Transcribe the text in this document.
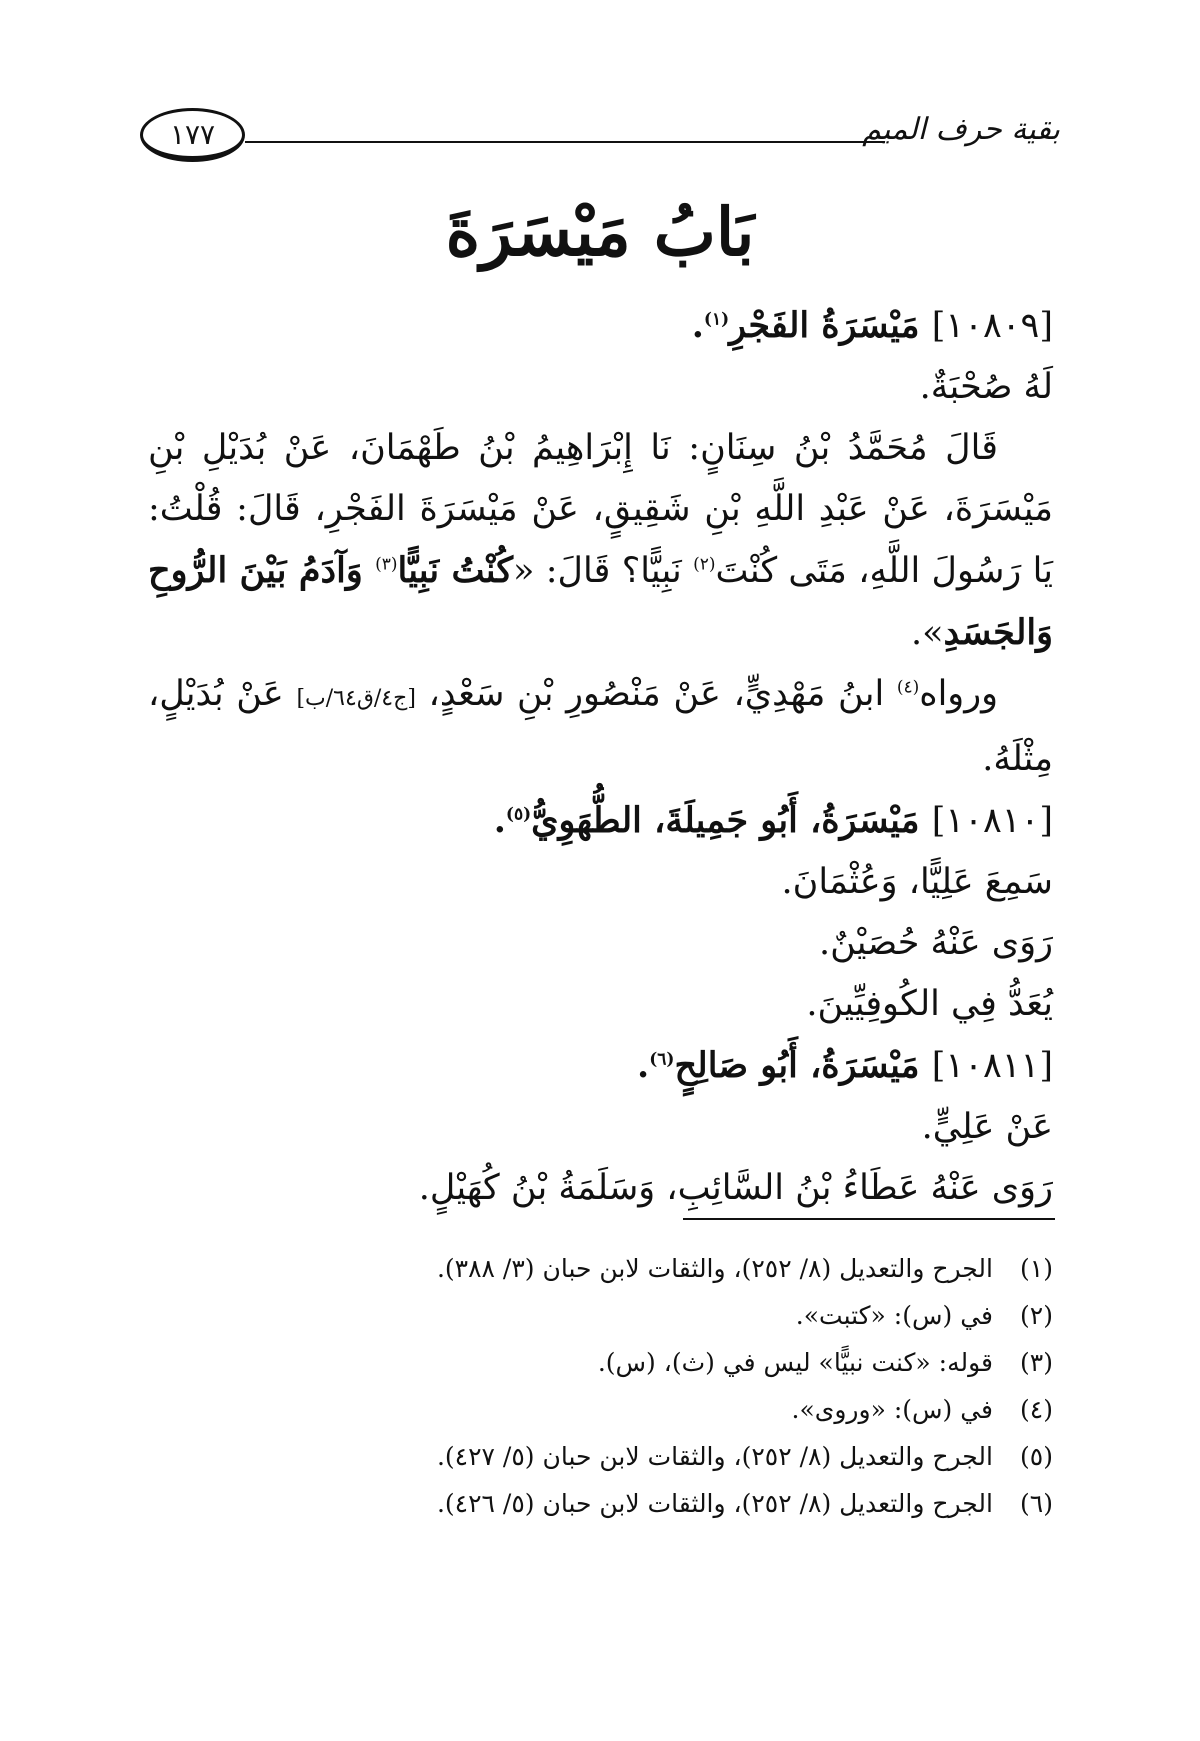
١٧٧	بقية حرف الميم
بَابُ مَيْسَرَةَ

[١٠٨٠٩] مَيْسَرَةُ الفَجْرِ$^{(١)}$.

لَهُ صُحْبَةٌ.

قَالَ مُحَمَّدُ بْنُ سِنَانٍ: نَا إِبْرَاهِيمُ بْنُ طَهْمَانَ، عَنْ بُدَيْلِ بْنِ مَيْسَرَةَ، عَنْ عَبْدِ اللَّهِ بْنِ شَقِيقٍ، عَنْ مَيْسَرَةَ الفَجْرِ، قَالَ: قُلْتُ: يَا رَسُولَ اللَّهِ، مَتَى كُنْتَ$^{(٢)}$ نَبِيًّا؟ قَالَ: «كُنْتُ نَبِيًّا$^{(٣)}$ وَآدَمُ بَيْنَ الرُّوحِ وَالجَسَدِ».

ورواه$^{(٤)}$ ابنُ مَهْدِيٍّ، عَنْ مَنْصُورِ بْنِ سَعْدٍ، [ج٤/ق٦٤/ب] عَنْ بُدَيْلٍ، مِثْلَهُ.

[١٠٨١٠] مَيْسَرَةُ، أَبُو جَمِيلَةَ، الطُّهَوِيُّ$^{(٥)}$.

سَمِعَ عَلِيًّا، وَعُثْمَانَ.

رَوَى عَنْهُ حُصَيْنٌ.

يُعَدُّ فِي الكُوفِيِّينَ.

[١٠٨١١] مَيْسَرَةُ، أَبُو صَالِحٍ$^{(٦)}$.

عَنْ عَلِيٍّ.

رَوَى عَنْهُ عَطَاءُ بْنُ السَّائِبِ، وَسَلَمَةُ بْنُ كُهَيْلٍ.

(١)
الجرح والتعديل (٨/ ٢٥٢)، والثقات لابن حبان (٣/ ٣٨٨).
(٢)
في (س): «كتبت».
(٣)
قوله: «كنت نبيًّا» ليس في (ث)، (س).
(٤)
في (س): «وروى».
(٥)
الجرح والتعديل (٨/ ٢٥٢)، والثقات لابن حبان (٥/ ٤٢٧).
(٦)
الجرح والتعديل (٨/ ٢٥٢)، والثقات لابن حبان (٥/ ٤٢٦).
